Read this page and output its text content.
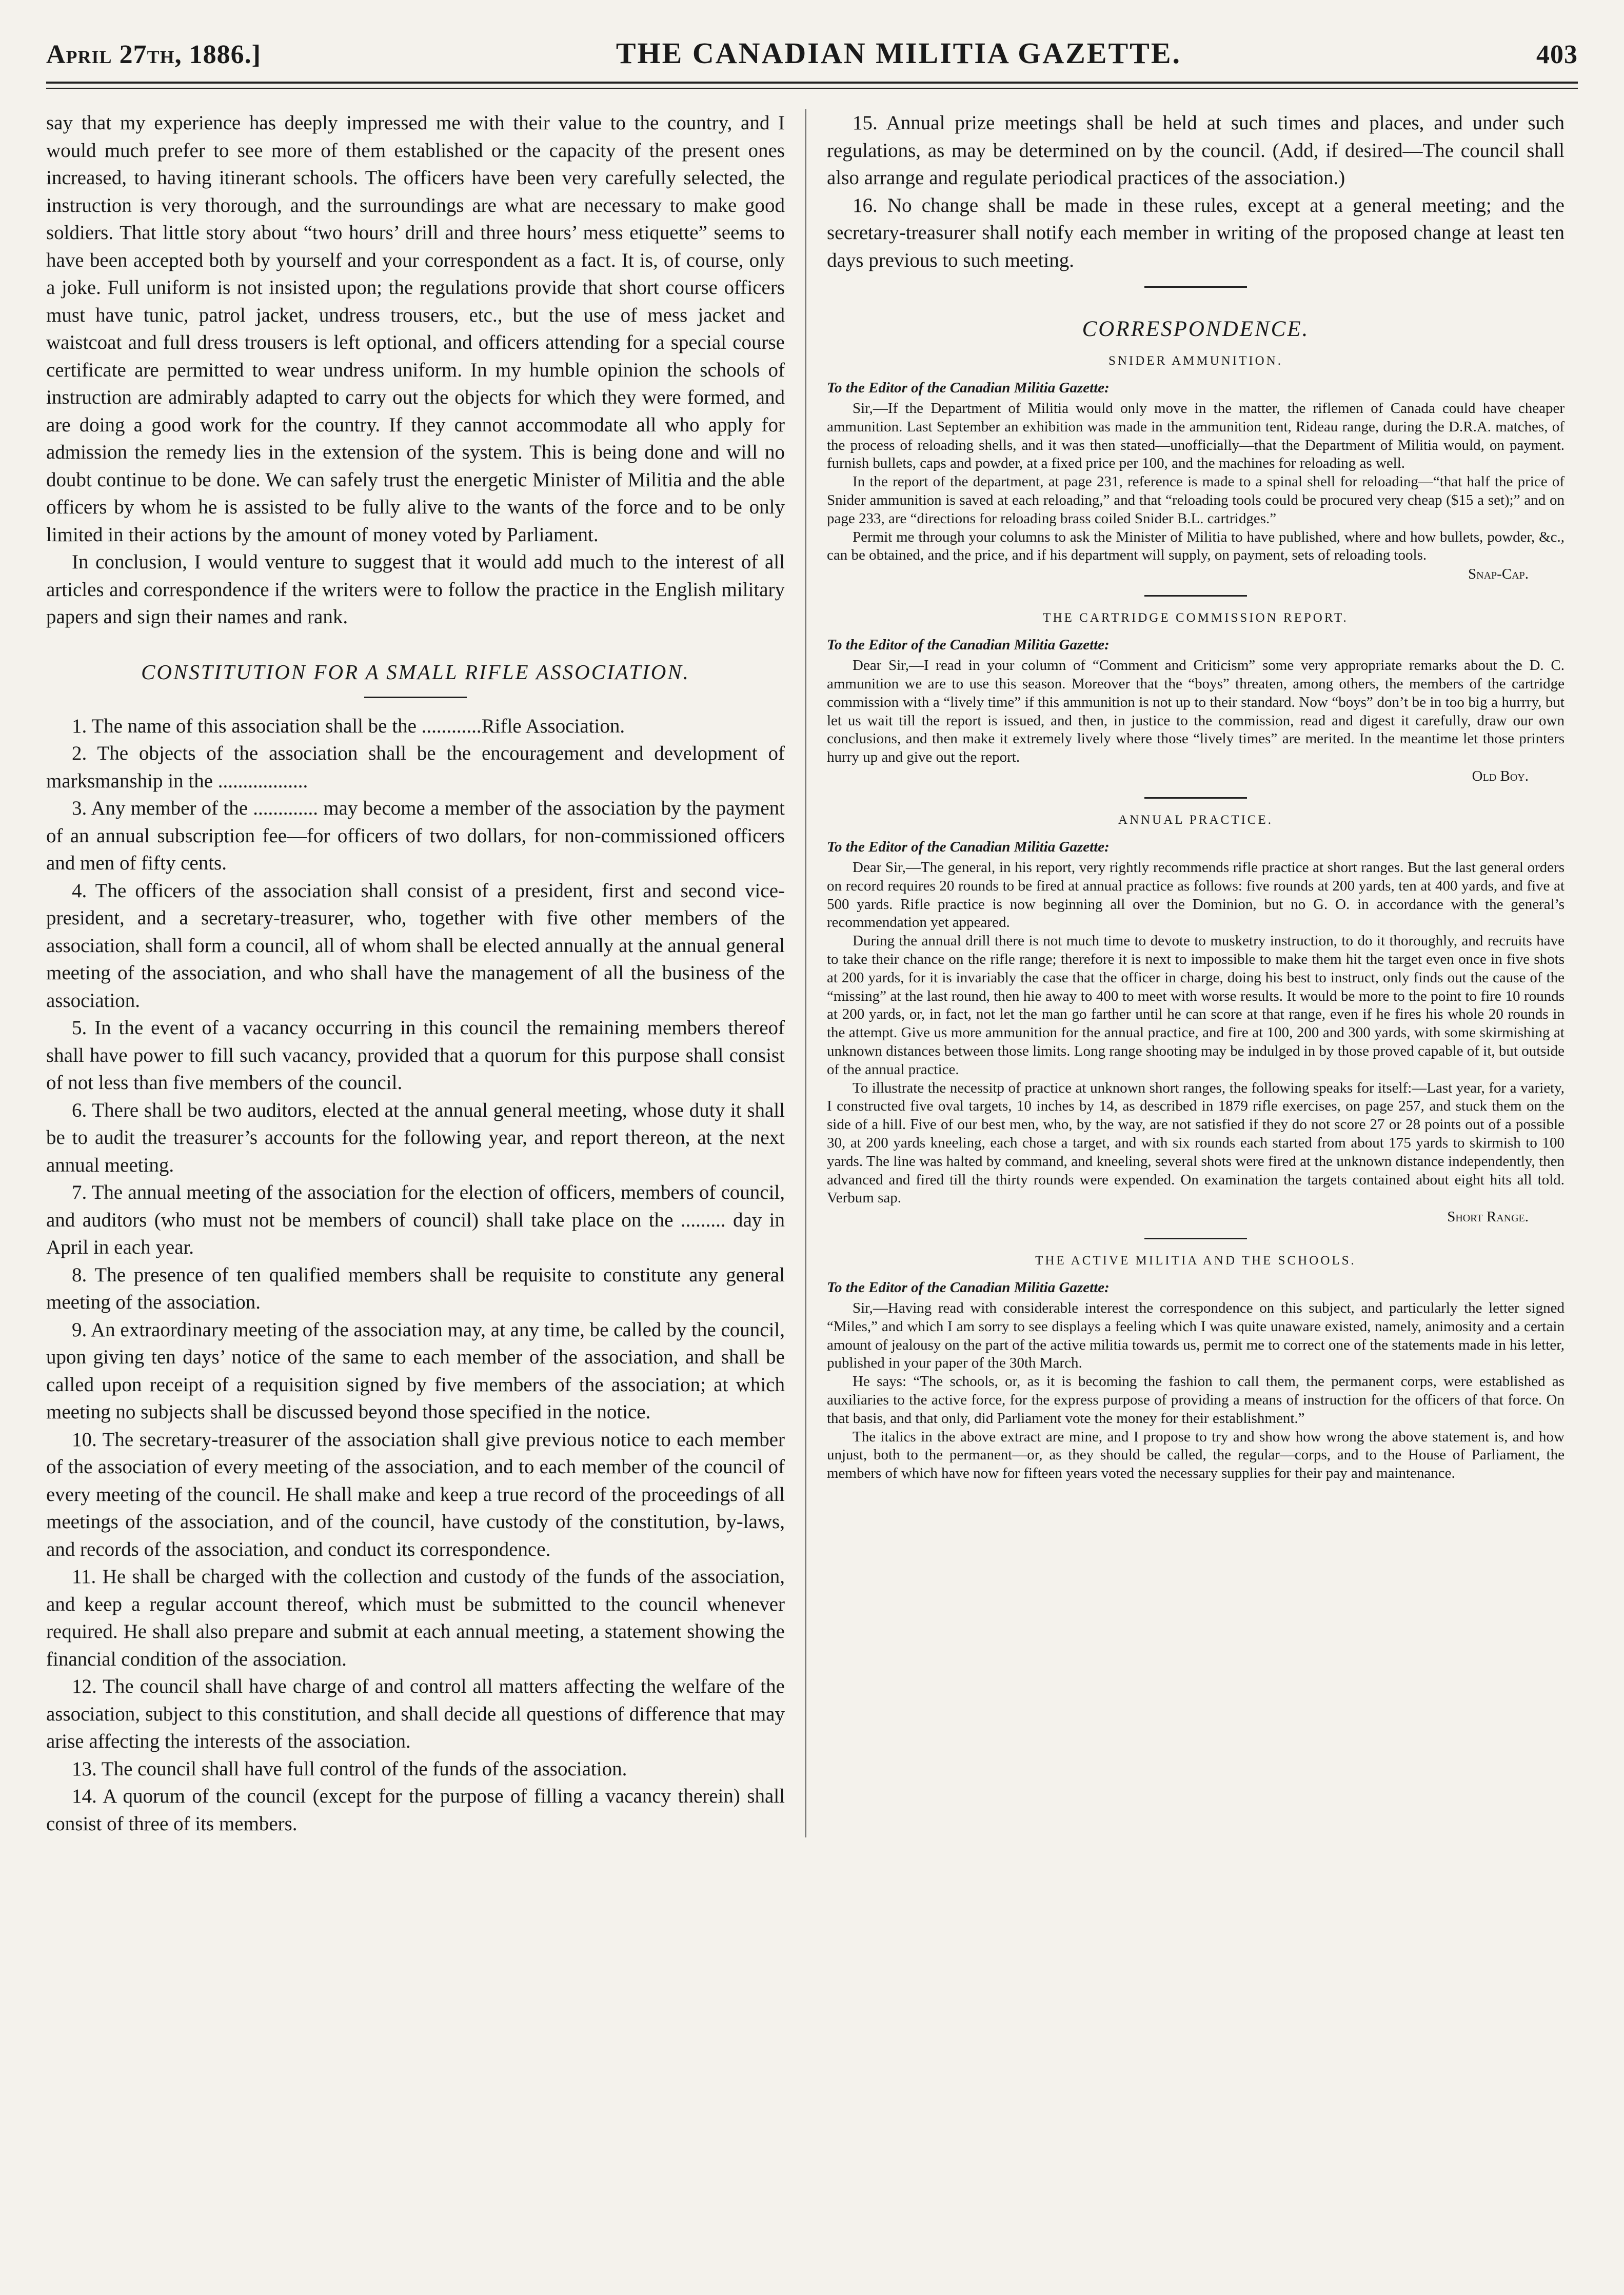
April 27th, 1886.]	THE CANADIAN MILITIA GAZETTE.	403

say that my experience has deeply impressed me with their value to the country, and I would much prefer to see more of them established or the capacity of the present ones increased, to having itinerant schools. The officers have been very carefully selected, the instruction is very thorough, and the surroundings are what are necessary to make good soldiers. That little story about “two hours’ drill and three hours’ mess etiquette” seems to have been accepted both by yourself and your correspondent as a fact. It is, of course, only a joke. Full uniform is not insisted upon; the regulations provide that short course officers must have tunic, patrol jacket, undress trousers, etc., but the use of mess jacket and waistcoat and full dress trousers is left optional, and officers attending for a special course certificate are permitted to wear undress uniform. In my humble opinion the schools of instruction are admirably adapted to carry out the objects for which they were formed, and are doing a good work for the country. If they cannot accommodate all who apply for admission the remedy lies in the extension of the system. This is being done and will no doubt continue to be done. We can safely trust the energetic Minister of Militia and the able officers by whom he is assisted to be fully alive to the wants of the force and to be only limited in their actions by the amount of money voted by Parliament.

In conclusion, I would venture to suggest that it would add much to the interest of all articles and correspondence if the writers were to follow the practice in the English military papers and sign their names and rank.

CONSTITUTION FOR A SMALL RIFLE ASSOCIATION.

1. The name of this association shall be the ............Rifle Association.

2. The objects of the association shall be the encouragement and development of marksmanship in the ..................

3. Any member of the ............. may become a member of the association by the payment of an annual subscription fee—for officers of two dollars, for non-commissioned officers and men of fifty cents.

4. The officers of the association shall consist of a president, first and second vice-president, and a secretary-treasurer, who, together with five other members of the association, shall form a council, all of whom shall be elected annually at the annual general meeting of the association, and who shall have the management of all the business of the association.

5. In the event of a vacancy occurring in this council the remaining members thereof shall have power to fill such vacancy, provided that a quorum for this purpose shall consist of not less than five members of the council.

6. There shall be two auditors, elected at the annual general meeting, whose duty it shall be to audit the treasurer’s accounts for the following year, and report thereon, at the next annual meeting.

7. The annual meeting of the association for the election of officers, members of council, and auditors (who must not be members of council) shall take place on the ......... day in April in each year.

8. The presence of ten qualified members shall be requisite to constitute any general meeting of the association.

9. An extraordinary meeting of the association may, at any time, be called by the council, upon giving ten days’ notice of the same to each member of the association, and shall be called upon receipt of a requisition signed by five members of the association; at which meeting no subjects shall be discussed beyond those specified in the notice.

10. The secretary-treasurer of the association shall give previous notice to each member of the association of every meeting of the association, and to each member of the council of every meeting of the council. He shall make and keep a true record of the proceedings of all meetings of the association, and of the council, have custody of the constitution, by-laws, and records of the association, and conduct its correspondence.

11. He shall be charged with the collection and custody of the funds of the association, and keep a regular account thereof, which must be submitted to the council whenever required. He shall also prepare and submit at each annual meeting, a statement showing the financial condition of the association.

12. The council shall have charge of and control all matters affecting the welfare of the association, subject to this constitution, and shall decide all questions of difference that may arise affecting the interests of the association.

13. The council shall have full control of the funds of the association.

14. A quorum of the council (except for the purpose of filling a vacancy therein) shall consist of three of its members.

15. Annual prize meetings shall be held at such times and places, and under such regulations, as may be determined on by the council. (Add, if desired—The council shall also arrange and regulate periodical practices of the association.)

16. No change shall be made in these rules, except at a general meeting; and the secretary-treasurer shall notify each member in writing of the proposed change at least ten days previous to such meeting.

CORRESPONDENCE.
SNIDER AMMUNITION.
To the Editor of the Canadian Militia Gazette:

Sir,—If the Department of Militia would only move in the matter, the riflemen of Canada could have cheaper ammunition. Last September an exhibition was made in the ammunition tent, Rideau range, during the D.R.A. matches, of the process of reloading shells, and it was then stated—unofficially—that the Department of Militia would, on payment. furnish bullets, caps and powder, at a fixed price per 100, and the machines for reloading as well.

In the report of the department, at page 231, reference is made to a spinal shell for reloading—“that half the price of Snider ammunition is saved at each reloading,” and that “reloading tools could be procured very cheap ($15 a set);” and on page 233, are “directions for reloading brass coiled Snider B.L. cartridges.”

Permit me through your columns to ask the Minister of Militia to have published, where and how bullets, powder, &c., can be obtained, and the price, and if his department will supply, on payment, sets of reloading tools.

Snap-Cap.
THE CARTRIDGE COMMISSION REPORT.
To the Editor of the Canadian Militia Gazette:

Dear Sir,—I read in your column of “Comment and Criticism” some very appropriate remarks about the D. C. ammunition we are to use this season. Moreover that the “boys” threaten, among others, the members of the cartridge commission with a “lively time” if this ammunition is not up to their standard. Now “boys” don’t be in too big a hurrry, but let us wait till the report is issued, and then, in justice to the commission, read and digest it carefully, draw our own conclusions, and then make it extremely lively where those “lively times” are merited. In the meantime let those printers hurry up and give out the report.

Old Boy.
ANNUAL PRACTICE.
To the Editor of the Canadian Militia Gazette:

Dear Sir,—The general, in his report, very rightly recommends rifle practice at short ranges. But the last general orders on record requires 20 rounds to be fired at annual practice as follows: five rounds at 200 yards, ten at 400 yards, and five at 500 yards. Rifle practice is now beginning all over the Dominion, but no G. O. in accordance with the general’s recommendation yet appeared.

During the annual drill there is not much time to devote to musketry instruction, to do it thoroughly, and recruits have to take their chance on the rifle range; therefore it is next to impossible to make them hit the target even once in five shots at 200 yards, for it is invariably the case that the officer in charge, doing his best to instruct, only finds out the cause of the “missing” at the last round, then hie away to 400 to meet with worse results. It would be more to the point to fire 10 rounds at 200 yards, or, in fact, not let the man go farther until he can score at that range, even if he fires his whole 20 rounds in the attempt. Give us more ammunition for the annual practice, and fire at 100, 200 and 300 yards, with some skirmishing at unknown distances between those limits. Long range shooting may be indulged in by those proved capable of it, but outside of the annual practice.

To illustrate the necessitp of practice at unknown short ranges, the following speaks for itself:—Last year, for a variety, I constructed five oval targets, 10 inches by 14, as described in 1879 rifle exercises, on page 257, and stuck them on the side of a hill. Five of our best men, who, by the way, are not satisfied if they do not score 27 or 28 points out of a possible 30, at 200 yards kneeling, each chose a target, and with six rounds each started from about 175 yards to skirmish to 100 yards. The line was halted by command, and kneeling, several shots were fired at the unknown distance independently, then advanced and fired till the thirty rounds were expended. On examination the targets contained about eight hits all told. Verbum sap.

Short Range.
THE ACTIVE MILITIA AND THE SCHOOLS.
To the Editor of the Canadian Militia Gazette:

Sir,—Having read with considerable interest the correspondence on this subject, and particularly the letter signed “Miles,” and which I am sorry to see displays a feeling which I was quite unaware existed, namely, animosity and a certain amount of jealousy on the part of the active militia towards us, permit me to correct one of the statements made in his letter, published in your paper of the 30th March.

He says: “The schools, or, as it is becoming the fashion to call them, the permanent corps, were established as auxiliaries to the active force, for the express purpose of providing a means of instruction for the officers of that force. On that basis, and that only, did Parliament vote the money for their establishment.”

The italics in the above extract are mine, and I propose to try and show how wrong the above statement is, and how unjust, both to the permanent—or, as they should be called, the regular—corps, and to the House of Parliament, the members of which have now for fifteen years voted the necessary supplies for their pay and maintenance.
